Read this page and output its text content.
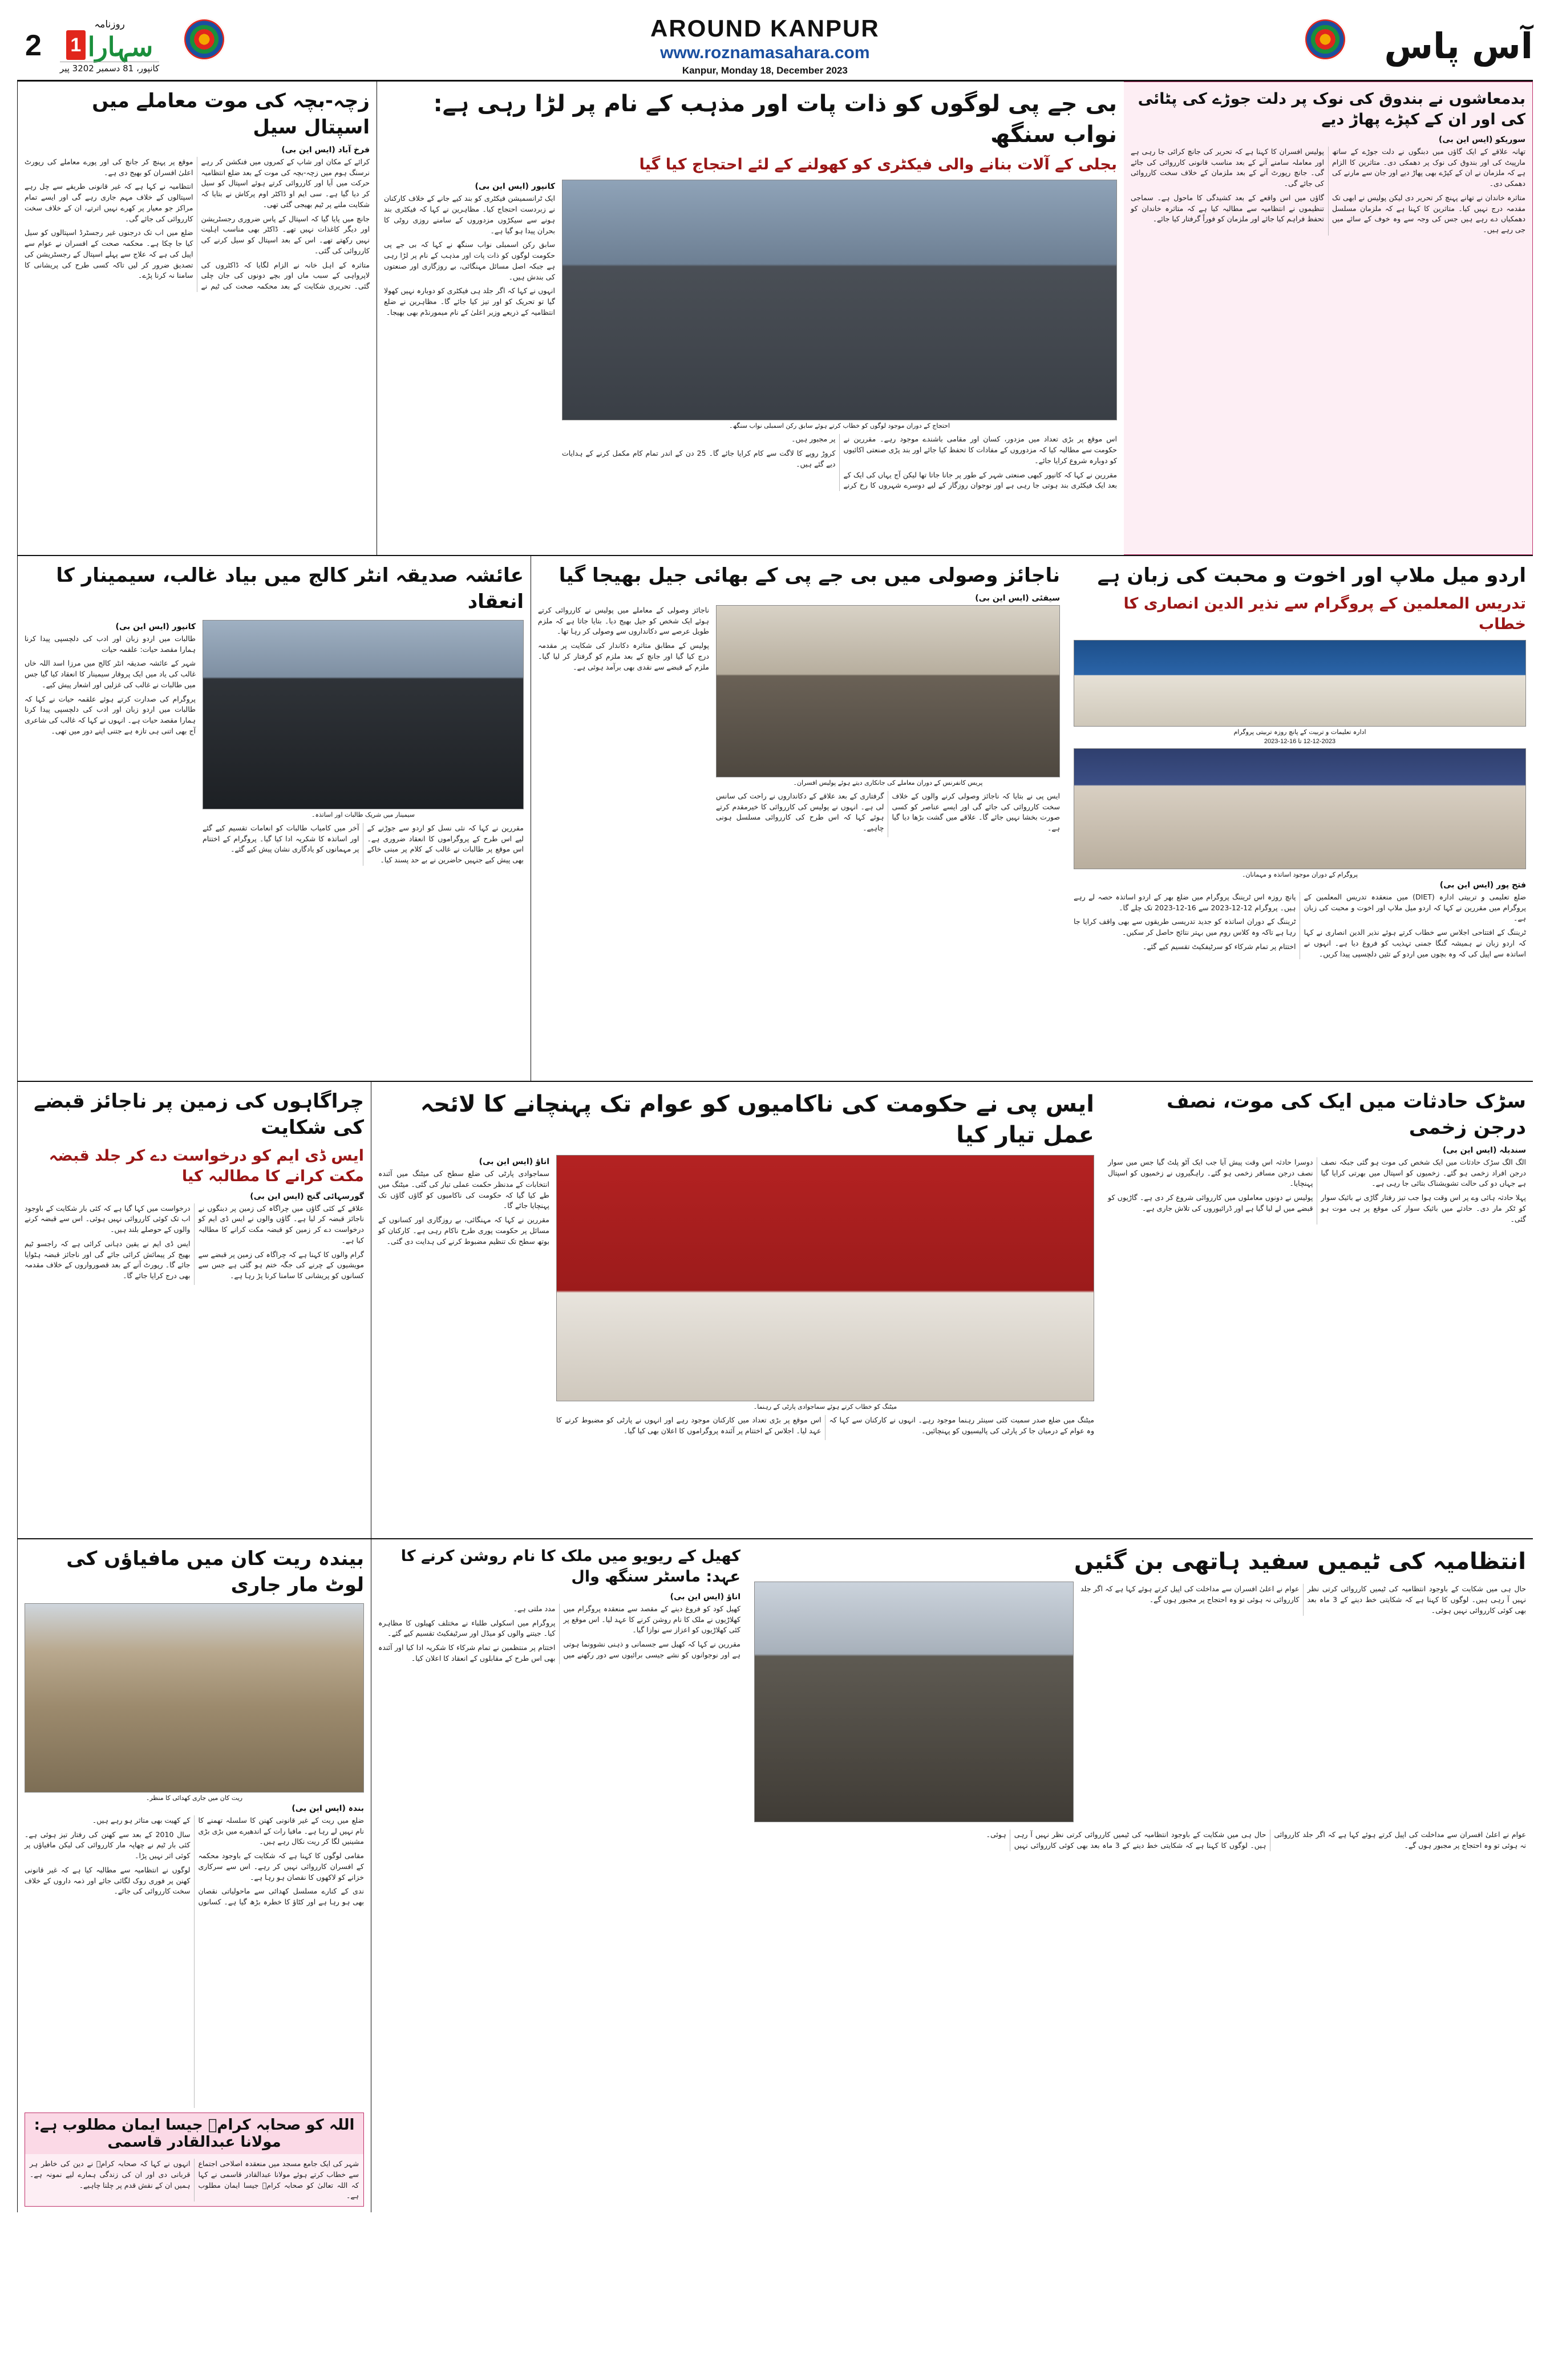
2
روزنامہ
1 سہارا
کانپور، 18 دسمبر 2023 پیر
AROUND KANPUR
www.roznamasahara.com
Kanpur, Monday 18, December 2023
آس پاس
زچہ-بچہ کی موت معاملے میں اسپتال سیل
فرخ آباد (ایس این بی)

کرائے کے مکان اور شاپ کے کمروں میں فنکشن کر رہے نرسنگ ہوم میں زچہ-بچہ کی موت کے بعد ضلع انتظامیہ حرکت میں آیا اور کارروائی کرتے ہوئے اسپتال کو سیل کر دیا گیا ہے۔ سی ایم او ڈاکٹر اوم پرکاش نے بتایا کہ شکایت ملنے پر ٹیم بھیجی گئی تھی۔

جانچ میں پایا گیا کہ اسپتال کے پاس ضروری رجسٹریشن اور دیگر کاغذات نہیں تھے۔ ڈاکٹر بھی مناسب اہلیت نہیں رکھتے تھے۔ اس کے بعد اسپتال کو سیل کرنے کی کارروائی کی گئی۔

متاثرہ کے اہل خانہ نے الزام لگایا کہ ڈاکٹروں کی لاپرواہی کے سبب ماں اور بچے دونوں کی جان چلی گئی۔ تحریری شکایت کے بعد محکمہ صحت کی ٹیم نے موقع پر پہنچ کر جانچ کی اور پورے معاملے کی رپورٹ اعلیٰ افسران کو بھیج دی ہے۔

انتظامیہ نے کہا ہے کہ غیر قانونی طریقے سے چل رہے اسپتالوں کے خلاف مہم جاری رہے گی اور ایسے تمام مراکز جو معیار پر کھرے نہیں اترتے، ان کے خلاف سخت کارروائی کی جائے گی۔

ضلع میں اب تک درجنوں غیر رجسٹرڈ اسپتالوں کو سیل کیا جا چکا ہے۔ محکمہ صحت کے افسران نے عوام سے اپیل کی ہے کہ علاج سے پہلے اسپتال کے رجسٹریشن کی تصدیق ضرور کر لیں تاکہ کسی طرح کی پریشانی کا سامنا نہ کرنا پڑے۔

بی جے پی لوگوں کو ذات پات اور مذہب کے نام پر لڑا رہی ہے: نواب سنگھ
بجلی کے آلات بنانے والی فیکٹری کو کھولنے کے لئے احتجاج کیا گیا
کانپور (ایس این بی)

ایک ٹرانسمیشن فیکٹری کو بند کیے جانے کے خلاف کارکنان نے زبردست احتجاج کیا۔ مظاہرین نے کہا کہ فیکٹری بند ہونے سے سیکڑوں مزدوروں کے سامنے روزی روٹی کا بحران پیدا ہو گیا ہے۔

سابق رکن اسمبلی نواب سنگھ نے کہا کہ بی جے پی حکومت لوگوں کو ذات پات اور مذہب کے نام پر لڑا رہی ہے جبکہ اصل مسائل مہنگائی، بے روزگاری اور صنعتوں کی بندش ہیں۔

انہوں نے کہا کہ اگر جلد ہی فیکٹری کو دوبارہ نہیں کھولا گیا تو تحریک کو اور تیز کیا جائے گا۔ مظاہرین نے ضلع انتظامیہ کے ذریعے وزیر اعلیٰ کے نام میمورنڈم بھی بھیجا۔

احتجاج کے دوران موجود لوگوں کو خطاب کرتے ہوئے سابق رکن اسمبلی نواب سنگھ۔

اس موقع پر بڑی تعداد میں مزدور، کسان اور مقامی باشندے موجود رہے۔ مقررین نے حکومت سے مطالبہ کیا کہ مزدوروں کے مفادات کا تحفظ کیا جائے اور بند پڑی صنعتی اکائیوں کو دوبارہ شروع کرایا جائے۔

مقررین نے کہا کہ کانپور کبھی صنعتی شہر کے طور پر جانا جاتا تھا لیکن آج یہاں کی ایک کے بعد ایک فیکٹری بند ہوتی جا رہی ہے اور نوجوان روزگار کے لیے دوسرے شہروں کا رخ کرنے پر مجبور ہیں۔

کروڑ روپے کا لاگت سے کام کرایا جائے گا۔ 25 دن کے اندر تمام کام مکمل کرنے کے ہدایات دیے گئے ہیں۔

بدمعاشوں نے بندوق کی نوک پر دلت جوڑے کی پٹائی کی اور ان کے کپڑے پھاڑ دیے
سوریکو (ایس این بی)

تھانہ علاقے کے ایک گاؤں میں دبنگوں نے دلت جوڑے کے ساتھ مارپیٹ کی اور بندوق کی نوک پر دھمکی دی۔ متاثرین کا الزام ہے کہ ملزمان نے ان کے کپڑے بھی پھاڑ دیے اور جان سے مارنے کی دھمکی دی۔

متاثرہ خاندان نے تھانے پہنچ کر تحریر دی لیکن پولیس نے ابھی تک مقدمہ درج نہیں کیا۔ متاثرین کا کہنا ہے کہ ملزمان مسلسل دھمکیاں دے رہے ہیں جس کی وجہ سے وہ خوف کے سائے میں جی رہے ہیں۔

پولیس افسران کا کہنا ہے کہ تحریر کی جانچ کرائی جا رہی ہے اور معاملہ سامنے آنے کے بعد مناسب قانونی کارروائی کی جائے گی۔ جانچ رپورٹ آنے کے بعد ملزمان کے خلاف سخت کارروائی کی جائے گی۔

گاؤں میں اس واقعے کے بعد کشیدگی کا ماحول ہے۔ سماجی تنظیموں نے انتظامیہ سے مطالبہ کیا ہے کہ متاثرہ خاندان کو تحفظ فراہم کیا جائے اور ملزمان کو فوراً گرفتار کیا جائے۔

عائشہ صدیقہ انٹر کالج میں بیاد غالب، سیمینار کا انعقاد
کانپور (ایس این بی)

طالبات میں اردو زبان اور ادب کی دلچسپی پیدا کرنا ہمارا مقصد حیات: علقمہ حیات

شہر کے عائشہ صدیقہ انٹر کالج میں مرزا اسد اللہ خاں غالب کی یاد میں ایک پروقار سیمینار کا انعقاد کیا گیا جس میں طالبات نے غالب کی غزلیں اور اشعار پیش کیے۔

پروگرام کی صدارت کرتے ہوئے علقمہ حیات نے کہا کہ طالبات میں اردو زبان اور ادب کی دلچسپی پیدا کرنا ہمارا مقصد حیات ہے۔ انہوں نے کہا کہ غالب کی شاعری آج بھی اتنی ہی تازہ ہے جتنی اپنے دور میں تھی۔

سیمینار میں شریک طالبات اور اساتذہ۔

مقررین نے کہا کہ نئی نسل کو اردو سے جوڑنے کے لیے اس طرح کے پروگراموں کا انعقاد ضروری ہے۔ اس موقع پر طالبات نے غالب کے کلام پر مبنی خاکے بھی پیش کیے جنہیں حاضرین نے بے حد پسند کیا۔

آخر میں کامیاب طالبات کو انعامات تقسیم کیے گئے اور اساتذہ کا شکریہ ادا کیا گیا۔ پروگرام کے اختتام پر مہمانوں کو یادگاری نشان پیش کیے گئے۔

ناجائز وصولی میں بی جے پی کے بھائی جیل بھیجا گیا
سیفئی (ایس این بی)

ناجائز وصولی کے معاملے میں پولیس نے کارروائی کرتے ہوئے ایک شخص کو جیل بھیج دیا۔ بتایا جاتا ہے کہ ملزم طویل عرصے سے دکانداروں سے وصولی کر رہا تھا۔

پولیس کے مطابق متاثرہ دکاندار کی شکایت پر مقدمہ درج کیا گیا اور جانچ کے بعد ملزم کو گرفتار کر لیا گیا۔ ملزم کے قبضے سے نقدی بھی برآمد ہوئی ہے۔

پریس کانفرنس کے دوران معاملے کی جانکاری دیتے ہوئے پولیس افسران۔

ایس پی نے بتایا کہ ناجائز وصولی کرنے والوں کے خلاف سخت کارروائی کی جائے گی اور ایسے عناصر کو کسی صورت بخشا نہیں جائے گا۔ علاقے میں گشت بڑھا دیا گیا ہے۔

گرفتاری کے بعد علاقے کے دکانداروں نے راحت کی سانس لی ہے۔ انہوں نے پولیس کی کارروائی کا خیرمقدم کرتے ہوئے کہا کہ اس طرح کی کارروائی مسلسل ہونی چاہیے۔

اردو میل ملاپ اور اخوت و محبت کی زبان ہے
تدریس المعلمین کے پروگرام سے نذیر الدین انصاری کا خطاب
ادارہ تعلیمات و تربیت کے پانچ روزہ تربیتی پروگرام
12-12-2023 تا 16-12-2023
پروگرام کے دوران موجود اساتذہ و مہمانان۔
فتح پور (ایس این بی)

ضلع تعلیمی و تربیتی ادارہ (DIET) میں منعقدہ تدریس المعلمین کے پروگرام میں مقررین نے کہا کہ اردو میل ملاپ اور اخوت و محبت کی زبان ہے۔

ٹریننگ کے افتتاحی اجلاس سے خطاب کرتے ہوئے نذیر الدین انصاری نے کہا کہ اردو زبان نے ہمیشہ گنگا جمنی تہذیب کو فروغ دیا ہے۔ انہوں نے اساتذہ سے اپیل کی کہ وہ بچوں میں اردو کے تئیں دلچسپی پیدا کریں۔

پانچ روزہ اس ٹریننگ پروگرام میں ضلع بھر کے اردو اساتذہ حصہ لے رہے ہیں۔ پروگرام 12-12-2023 سے 16-12-2023 تک چلے گا۔

ٹریننگ کے دوران اساتذہ کو جدید تدریسی طریقوں سے بھی واقف کرایا جا رہا ہے تاکہ وہ کلاس روم میں بہتر نتائج حاصل کر سکیں۔

اختتام پر تمام شرکاء کو سرٹیفکیٹ تقسیم کیے گئے۔

چراگاہوں کی زمین پر ناجائز قبضے کی شکایت
ایس ڈی ایم کو درخواست دے کر جلد قبضہ مکت کرانے کا مطالبہ کیا
گورسہائی گنج (ایس این بی)

علاقے کے کئی گاؤں میں چراگاہ کی زمین پر دبنگوں نے ناجائز قبضہ کر لیا ہے۔ گاؤں والوں نے ایس ڈی ایم کو درخواست دے کر زمین کو قبضہ مکت کرانے کا مطالبہ کیا ہے۔

گرام والوں کا کہنا ہے کہ چراگاہ کی زمین پر قبضے سے مویشیوں کے چرنے کی جگہ ختم ہو گئی ہے جس سے کسانوں کو پریشانی کا سامنا کرنا پڑ رہا ہے۔

درخواست میں کہا گیا ہے کہ کئی بار شکایت کے باوجود اب تک کوئی کارروائی نہیں ہوئی۔ اس سے قبضہ کرنے والوں کے حوصلے بلند ہیں۔

ایس ڈی ایم نے یقین دہانی کرائی ہے کہ راجسو ٹیم بھیج کر پیمائش کرائی جائے گی اور ناجائز قبضہ ہٹوایا جائے گا۔ رپورٹ آنے کے بعد قصورواروں کے خلاف مقدمہ بھی درج کرایا جائے گا۔

ایس پی نے حکومت کی ناکامیوں کو عوام تک پہنچانے کا لائحہ عمل تیار کیا
اناؤ (ایس این بی)

سماجوادی پارٹی کی ضلع سطح کی میٹنگ میں آئندہ انتخابات کے مدنظر حکمت عملی تیار کی گئی۔ میٹنگ میں طے کیا گیا کہ حکومت کی ناکامیوں کو گاؤں گاؤں تک پہنچایا جائے گا۔

مقررین نے کہا کہ مہنگائی، بے روزگاری اور کسانوں کے مسائل پر حکومت پوری طرح ناکام رہی ہے۔ کارکنان کو بوتھ سطح تک تنظیم مضبوط کرنے کی ہدایت دی گئی۔

میٹنگ کو خطاب کرتے ہوئے سماجوادی پارٹی کے رہنما۔

میٹنگ میں ضلع صدر سمیت کئی سینئر رہنما موجود رہے۔ انہوں نے کارکنان سے کہا کہ وہ عوام کے درمیان جا کر پارٹی کی پالیسیوں کو پہنچائیں۔

اس موقع پر بڑی تعداد میں کارکنان موجود رہے اور انہوں نے پارٹی کو مضبوط کرنے کا عہد لیا۔ اجلاس کے اختتام پر آئندہ پروگراموں کا اعلان بھی کیا گیا۔

سڑک حادثات میں ایک کی موت، نصف درجن زخمی
سندیلہ (ایس این بی)

الگ الگ سڑک حادثات میں ایک شخص کی موت ہو گئی جبکہ نصف درجن افراد زخمی ہو گئے۔ زخمیوں کو اسپتال میں بھرتی کرایا گیا ہے جہاں دو کی حالت تشویشناک بتائی جا رہی ہے۔

پہلا حادثہ ہائی وے پر اس وقت ہوا جب تیز رفتار گاڑی نے بائیک سوار کو ٹکر مار دی۔ حادثے میں بائیک سوار کی موقع پر ہی موت ہو گئی۔

دوسرا حادثہ اس وقت پیش آیا جب ایک آٹو پلٹ گیا جس میں سوار نصف درجن مسافر زخمی ہو گئے۔ راہگیروں نے زخمیوں کو اسپتال پہنچایا۔

پولیس نے دونوں معاملوں میں کارروائی شروع کر دی ہے۔ گاڑیوں کو قبضے میں لے لیا گیا ہے اور ڈرائیوروں کی تلاش جاری ہے۔

بیندہ ریت کان میں مافیاؤں کی لوٹ مار جاری
ریت کان میں جاری کھدائی کا منظر۔
بندہ (ایس این بی)

ضلع میں ریت کے غیر قانونی کھنن کا سلسلہ تھمنے کا نام نہیں لے رہا ہے۔ مافیا رات کے اندھیرے میں بڑی بڑی مشینیں لگا کر ریت نکال رہے ہیں۔

مقامی لوگوں کا کہنا ہے کہ شکایت کے باوجود محکمہ کے افسران کارروائی نہیں کر رہے۔ اس سے سرکاری خزانے کو لاکھوں کا نقصان ہو رہا ہے۔

ندی کے کنارے مسلسل کھدائی سے ماحولیاتی نقصان بھی ہو رہا ہے اور کٹاؤ کا خطرہ بڑھ گیا ہے۔ کسانوں کے کھیت بھی متاثر ہو رہے ہیں۔

سال 2010 کے بعد سے کھنن کی رفتار تیز ہوئی ہے۔ کئی بار ٹیم نے چھاپہ مار کارروائی کی لیکن مافیاؤں پر کوئی اثر نہیں پڑا۔

لوگوں نے انتظامیہ سے مطالبہ کیا ہے کہ غیر قانونی کھنن پر فوری روک لگائی جائے اور ذمہ داروں کے خلاف سخت کارروائی کی جائے۔

اللہ کو صحابہ کرامؓ جیسا ایمان مطلوب ہے: مولانا عبدالقادر قاسمی

شہر کی ایک جامع مسجد میں منعقدہ اصلاحی اجتماع سے خطاب کرتے ہوئے مولانا عبدالقادر قاسمی نے کہا کہ اللہ تعالیٰ کو صحابہ کرامؓ جیسا ایمان مطلوب ہے۔

انہوں نے کہا کہ صحابہ کرامؓ نے دین کی خاطر ہر قربانی دی اور ان کی زندگی ہمارے لیے نمونہ ہے۔ ہمیں ان کے نقش قدم پر چلنا چاہیے۔

کھیل کے ریویو میں ملک کا نام روشن کرنے کا عہد: ماسٹر سنگھ وال
اناؤ (ایس این بی)

کھیل کود کو فروغ دینے کے مقصد سے منعقدہ پروگرام میں کھلاڑیوں نے ملک کا نام روشن کرنے کا عہد لیا۔ اس موقع پر کئی کھلاڑیوں کو اعزاز سے نوازا گیا۔

مقررین نے کہا کہ کھیل سے جسمانی و ذہنی نشوونما ہوتی ہے اور نوجوانوں کو نشے جیسی برائیوں سے دور رکھنے میں مدد ملتی ہے۔

پروگرام میں اسکولی طلباء نے مختلف کھیلوں کا مظاہرہ کیا۔ جیتنے والوں کو میڈل اور سرٹیفکیٹ تقسیم کیے گئے۔

اختتام پر منتظمین نے تمام شرکاء کا شکریہ ادا کیا اور آئندہ بھی اس طرح کے مقابلوں کے انعقاد کا اعلان کیا۔

انتظامیہ کی ٹیمیں سفید ہاتھی بن گئیں

حال ہی میں شکایت کے باوجود انتظامیہ کی ٹیمیں کارروائی کرتی نظر نہیں آ رہی ہیں۔ لوگوں کا کہنا ہے کہ شکایتی خط دینے کے 3 ماہ بعد بھی کوئی کارروائی نہیں ہوئی۔

عوام نے اعلیٰ افسران سے مداخلت کی اپیل کرتے ہوئے کہا ہے کہ اگر جلد کارروائی نہ ہوئی تو وہ احتجاج پر مجبور ہوں گے۔

عوام نے اعلیٰ افسران سے مداخلت کی اپیل کرتے ہوئے کہا ہے کہ اگر جلد کارروائی نہ ہوئی تو وہ احتجاج پر مجبور ہوں گے۔

حال ہی میں شکایت کے باوجود انتظامیہ کی ٹیمیں کارروائی کرتی نظر نہیں آ رہی ہیں۔ لوگوں کا کہنا ہے کہ شکایتی خط دینے کے 3 ماہ بعد بھی کوئی کارروائی نہیں ہوئی۔
